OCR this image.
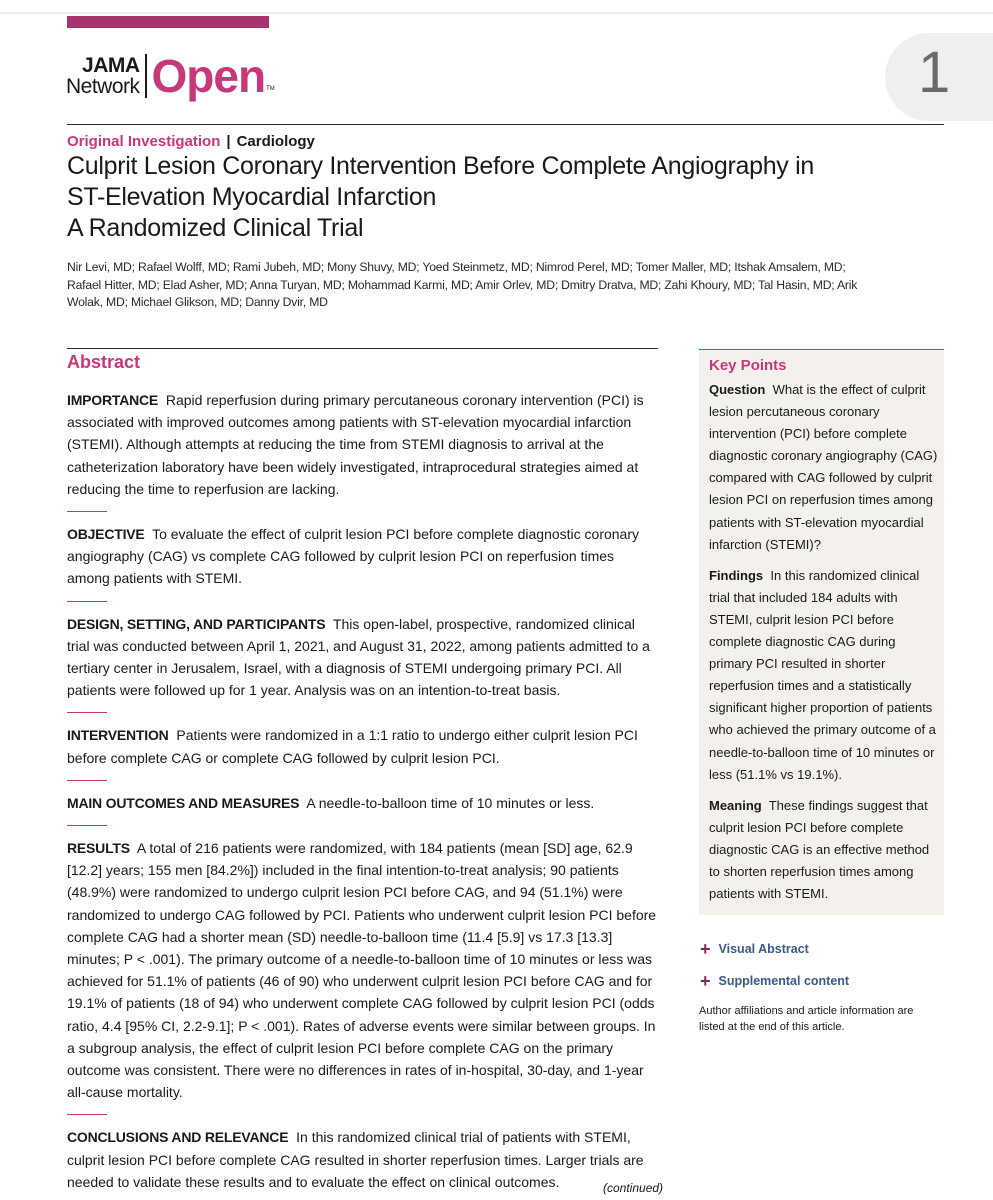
JAMA
Network Open TM	1
Original Investigation | Cardiology
Culprit Lesion Coronary Intervention Before Complete Angiography in ST-Elevation Myocardial Infarction
A Randomized Clinical Trial
Nir Levi, MD; Rafael Wolff, MD; Rami Jubeh, MD; Mony Shuvy, MD; Yoed Steinmetz, MD; Nimrod Perel, MD; Tomer Maller, MD; Itshak Amsalem, MD; Rafael Hitter, MD; Elad Asher, MD; Anna Turyan, MD; Mohammad Karmi, MD; Amir Orlev, MD; Dmitry Dratva, MD; Zahi Khoury, MD; Tal Hasin, MD; Arik Wolak, MD; Michael Glikson, MD; Danny Dvir, MD
Abstract

IMPORTANCE Rapid reperfusion during primary percutaneous coronary intervention (PCI) is associated with improved outcomes among patients with ST-elevation myocardial infarction (STEMI). Although attempts at reducing the time from STEMI diagnosis to arrival at the catheterization laboratory have been widely investigated, intraprocedural strategies aimed at reducing the time to reperfusion are lacking.

OBJECTIVE To evaluate the effect of culprit lesion PCI before complete diagnostic coronary angiography (CAG) vs complete CAG followed by culprit lesion PCI on reperfusion times among patients with STEMI.

DESIGN, SETTING, AND PARTICIPANTS This open-label, prospective, randomized clinical trial was conducted between April 1, 2021, and August 31, 2022, among patients admitted to a tertiary center in Jerusalem, Israel, with a diagnosis of STEMI undergoing primary PCI. All patients were followed up for 1 year. Analysis was on an intention-to-treat basis.

INTERVENTION Patients were randomized in a 1:1 ratio to undergo either culprit lesion PCI before complete CAG or complete CAG followed by culprit lesion PCI.

MAIN OUTCOMES AND MEASURES A needle-to-balloon time of 10 minutes or less.

RESULTS A total of 216 patients were randomized, with 184 patients (mean [SD] age, 62.9 [12.2] years; 155 men [84.2%]) included in the final intention-to-treat analysis; 90 patients (48.9%) were randomized to undergo culprit lesion PCI before CAG, and 94 (51.1%) were randomized to undergo CAG followed by PCI. Patients who underwent culprit lesion PCI before complete CAG had a shorter mean (SD) needle-to-balloon time (11.4 [5.9] vs 17.3 [13.3] minutes; P < .001). The primary outcome of a needle-to-balloon time of 10 minutes or less was achieved for 51.1% of patients (46 of 90) who underwent culprit lesion PCI before CAG and for 19.1% of patients (18 of 94) who underwent complete CAG followed by culprit lesion PCI (odds ratio, 4.4 [95% CI, 2.2-9.1]; P < .001). Rates of adverse events were similar between groups. In a subgroup analysis, the effect of culprit lesion PCI before complete CAG on the primary outcome was consistent. There were no differences in rates of in-hospital, 30-day, and 1-year all-cause mortality.

CONCLUSIONS AND RELEVANCE In this randomized clinical trial of patients with STEMI, culprit lesion PCI before complete CAG resulted in shorter reperfusion times. Larger trials are needed to validate these results and to evaluate the effect on clinical outcomes.	(continued)
Key Points

Question What is the effect of culprit lesion percutaneous coronary intervention (PCI) before complete diagnostic coronary angiography (CAG) compared with CAG followed by culprit lesion PCI on reperfusion times among patients with ST-elevation myocardial infarction (STEMI)?

Findings In this randomized clinical trial that included 184 adults with STEMI, culprit lesion PCI before complete diagnostic CAG during primary PCI resulted in shorter reperfusion times and a statistically significant higher proportion of patients who achieved the primary outcome of a needle-to-balloon time of 10 minutes or less (51.1% vs 19.1%).

Meaning These findings suggest that culprit lesion PCI before complete diagnostic CAG is an effective method to shorten reperfusion times among patients with STEMI.

+ Visual Abstract
+ Supplemental content
Author affiliations and article information are listed at the end of this article.
